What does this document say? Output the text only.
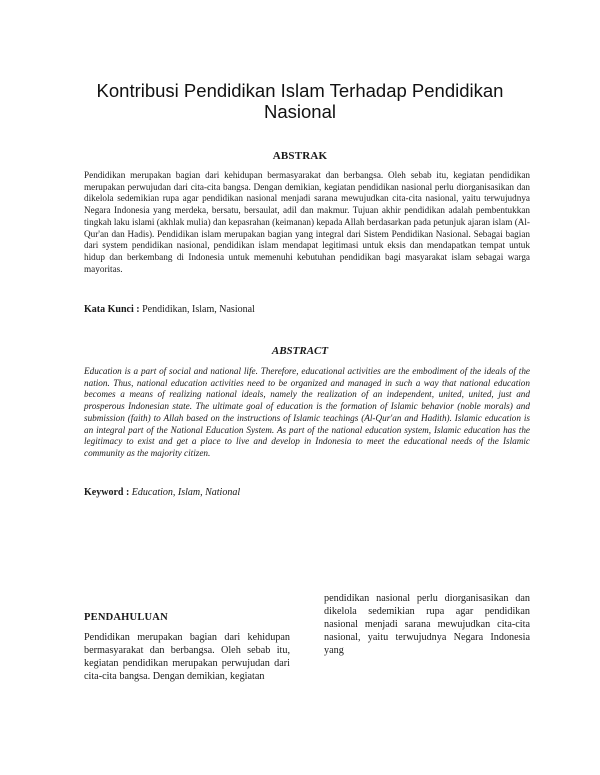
Kontribusi Pendidikan Islam Terhadap Pendidikan Nasional
ABSTRAK

Pendidikan merupakan bagian dari kehidupan bermasyarakat dan berbangsa. Oleh sebab itu, kegiatan pendidikan merupakan perwujudan dari cita-cita bangsa. Dengan demikian, kegiatan pendidikan nasional perlu diorganisasikan dan dikelola sedemikian rupa agar pendidikan nasional menjadi sarana mewujudkan cita-cita nasional, yaitu terwujudnya Negara Indonesia yang merdeka, bersatu, bersaulat, adil dan makmur. Tujuan akhir pendidikan adalah pembentukkan tingkah laku islami (akhlak mulia) dan kepasrahan (keimanan) kepada Allah berdasarkan pada petunjuk ajaran islam (Al-Qur'an dan Hadis). Pendidikan islam merupakan bagian yang integral dari Sistem Pendidikan Nasional. Sebagai bagian dari system pendidikan nasional, pendidikan islam mendapat legitimasi untuk eksis dan mendapatkan tempat untuk hidup dan berkembang di Indonesia untuk memenuhi kebutuhan pendidikan bagi masyarakat islam sebagai warga mayoritas.

Kata Kunci : Pendidikan, Islam, Nasional

ABSTRACT

Education is a part of social and national life. Therefore, educational activities are the embodiment of the ideals of the nation. Thus, national education activities need to be organized and managed in such a way that national education becomes a means of realizing national ideals, namely the realization of an independent, united, united, just and prosperous Indonesian state. The ultimate goal of education is the formation of Islamic behavior (noble morals) and submission (faith) to Allah based on the instructions of Islamic teachings (Al-Qur'an and Hadith). Islamic education is an integral part of the National Education System. As part of the national education system, Islamic education has the legitimacy to exist and get a place to live and develop in Indonesia to meet the educational needs of the Islamic community as the majority citizen.

Keyword : Education, Islam, National

PENDAHULUAN

Pendidikan merupakan bagian dari kehidupan bermasyarakat dan berbangsa. Oleh sebab itu, kegiatan pendidikan merupakan perwujudan dari cita-cita bangsa. Dengan demikian, kegiatan

pendidikan nasional perlu diorganisasikan dan dikelola sedemikian rupa agar pendidikan nasional menjadi sarana mewujudkan cita-cita nasional, yaitu terwujudnya Negara Indonesia yang
